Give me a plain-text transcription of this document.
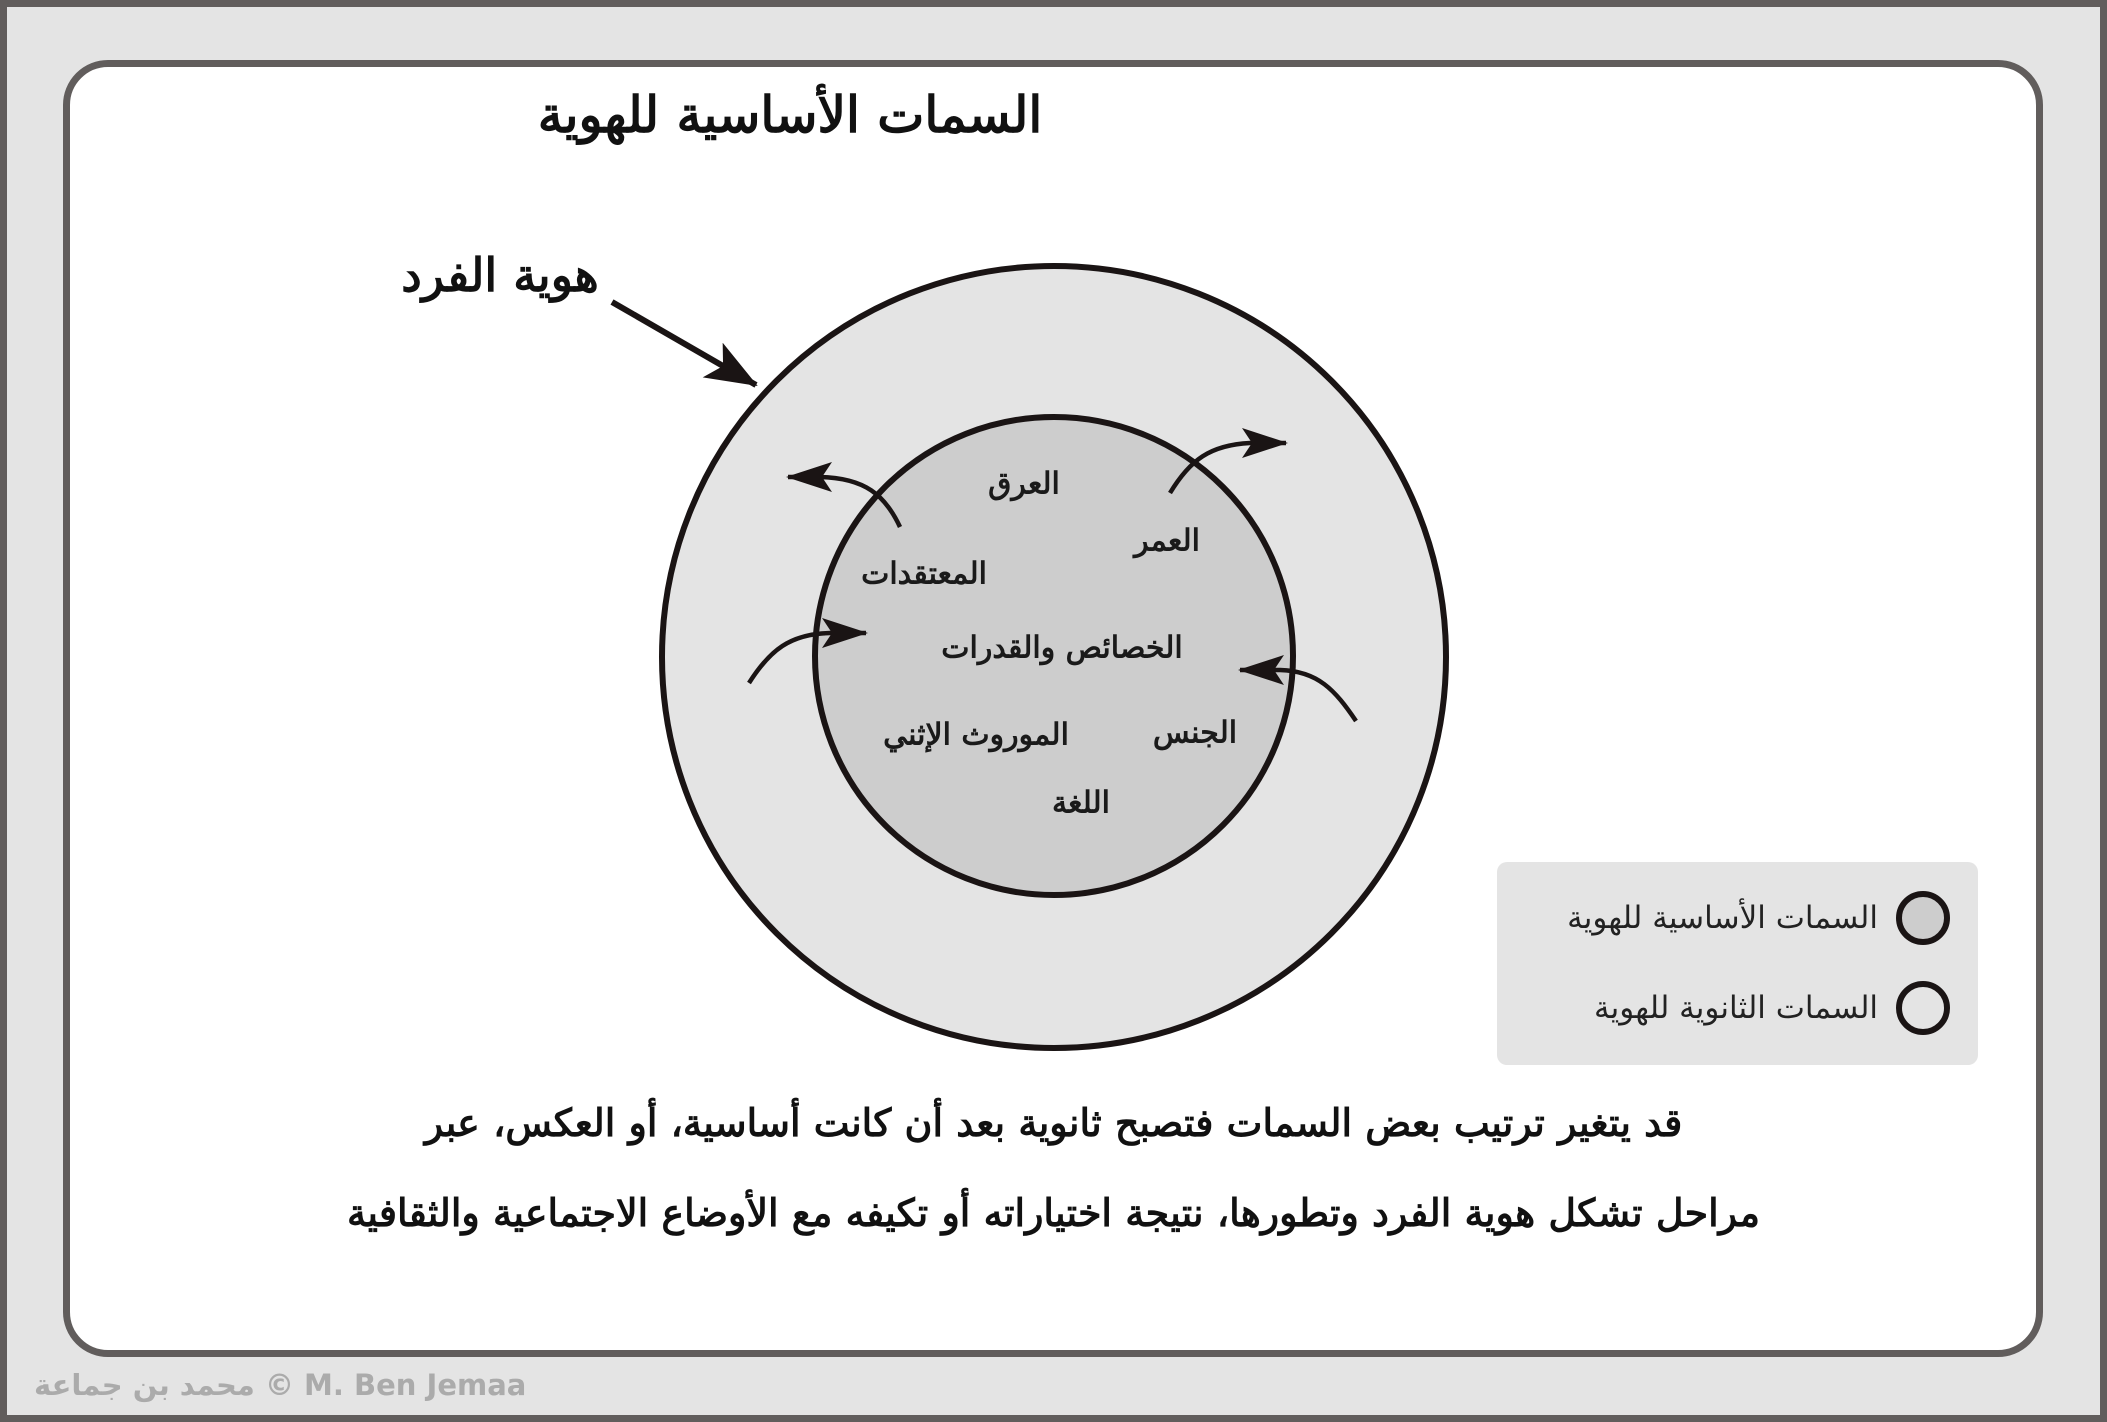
السمات الأساسية للهوية
هوية الفرد
العرق
العمر
المعتقدات
الخصائص والقدرات
الجنس
الموروث الإثني
اللغة
السمات الأساسية للهوية
السمات الثانوية للهوية
قد يتغير ترتيب بعض السمات فتصبح ثانوية بعد أن كانت أساسية، أو العكس، عبر
مراحل تشكل هوية الفرد وتطورها، نتيجة اختياراته أو تكيفه مع الأوضاع الاجتماعية والثقافية
محمد بن جماعة © M. Ben Jemaa
